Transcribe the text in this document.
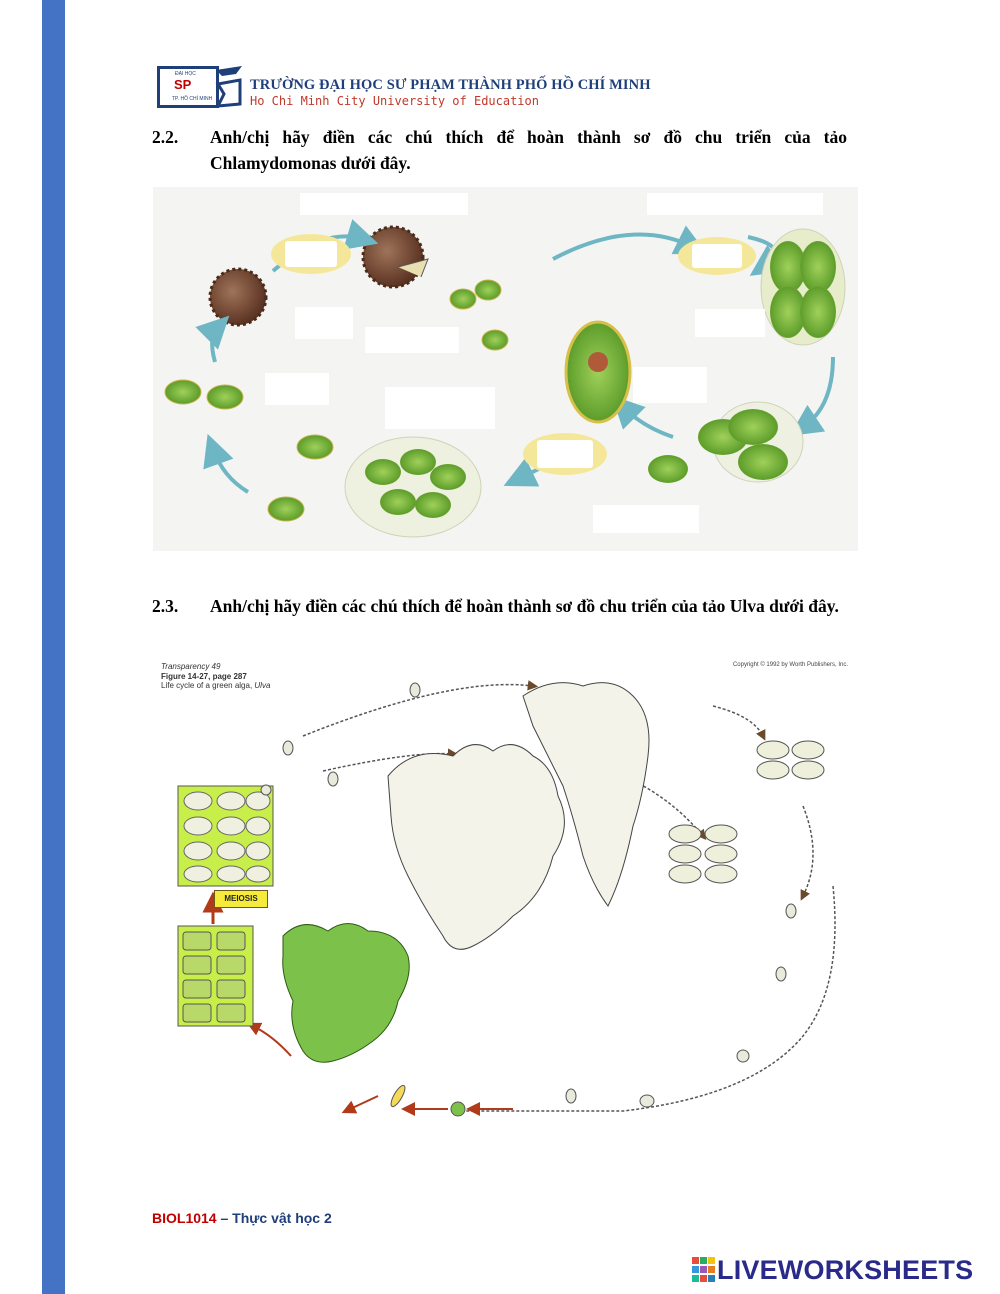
ĐẠI HỌC
SP
TP. HỒ CHÍ MINH
TRƯỜNG ĐẠI HỌC SƯ PHẠM THÀNH PHỐ HỒ CHÍ MINH
Ho Chi Minh City University of Education
2.2. Anh/chị hãy điền các chú thích để hoàn thành sơ đồ chu triển của tảo Chlamydomonas dưới đây.
2.3. Anh/chị hãy điền các chú thích để hoàn thành sơ đồ chu triển của tảo Ulva dưới đây.
Transparency 49
Figure 14-27, page 287
Life cycle of a green alga, Ulva
Copyright © 1992 by Worth Publishers, Inc.
MEIOSIS
BIOL1014 – Thực vật học 2
LIVEWORKSHEETS
